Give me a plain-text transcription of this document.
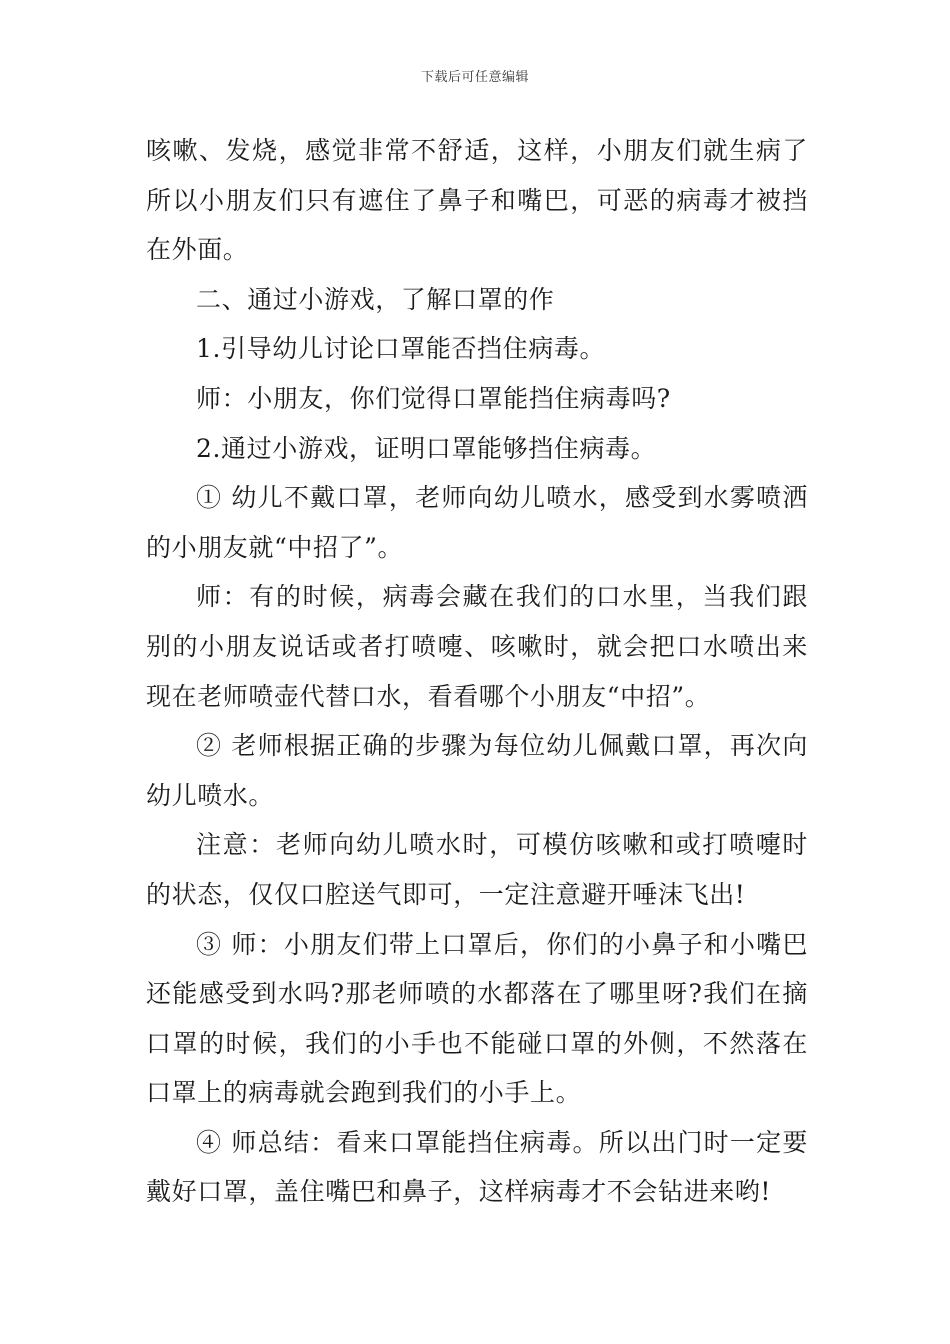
下载后可任意编辑

咳嗽、发烧，感觉非常不舒适，这样，小朋友们就生病了所以小朋友们只有遮住了鼻子和嘴巴，可恶的病毒才被挡在外面。

二、通过小游戏，了解口罩的作

1.引导幼儿讨论口罩能否挡住病毒。

师：小朋友，你们觉得口罩能挡住病毒吗?

2.通过小游戏，证明口罩能够挡住病毒。

① 幼儿不戴口罩，老师向幼儿喷水，感受到水雾喷洒的小朋友就“中招了”。

师：有的时候，病毒会藏在我们的口水里，当我们跟别的小朋友说话或者打喷嚏、咳嗽时，就会把口水喷出来现在老师喷壶代替口水，看看哪个小朋友“中招”。

② 老师根据正确的步骤为每位幼儿佩戴口罩，再次向幼儿喷水。

注意：老师向幼儿喷水时，可模仿咳嗽和或打喷嚏时的状态，仅仅口腔送气即可，一定注意避开唾沫飞出!

③ 师：小朋友们带上口罩后，你们的小鼻子和小嘴巴还能感受到水吗?那老师喷的水都落在了哪里呀?我们在摘口罩的时候，我们的小手也不能碰口罩的外侧，不然落在口罩上的病毒就会跑到我们的小手上。

④ 师总结：看来口罩能挡住病毒。所以出门时一定要戴好口罩，盖住嘴巴和鼻子，这样病毒才不会钻进来哟!
